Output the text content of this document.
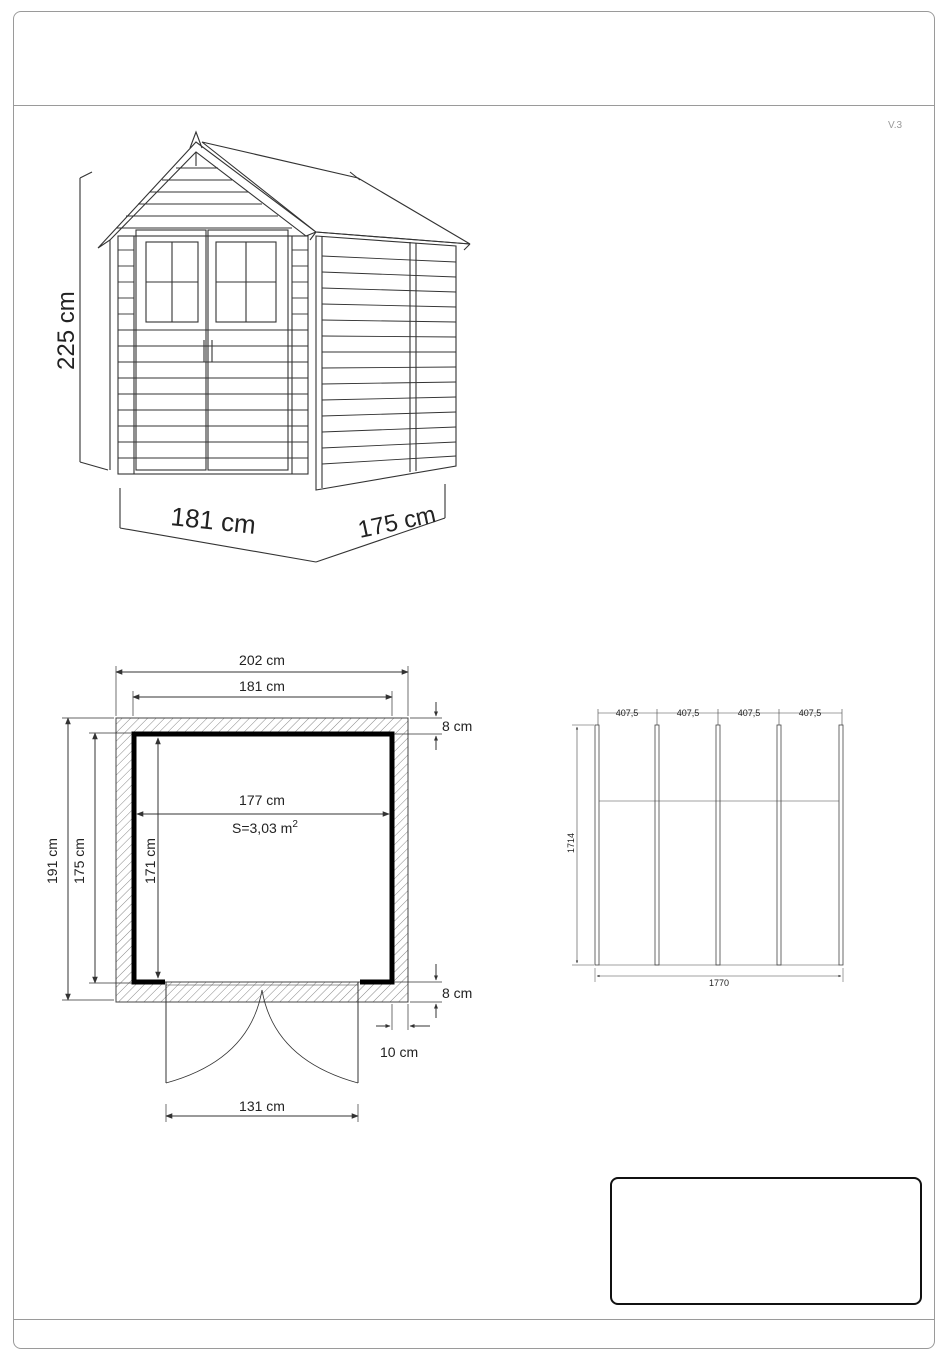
V.3
225 cm
181 cm	175 cm
202 cm
181 cm
8 cm
177 cm
S=3,03 $m^2$
191 cm 175 cm	171 cm
8 cm
10 cm
131 cm
407,5	407,5	407,5	407,5
1714
1770
